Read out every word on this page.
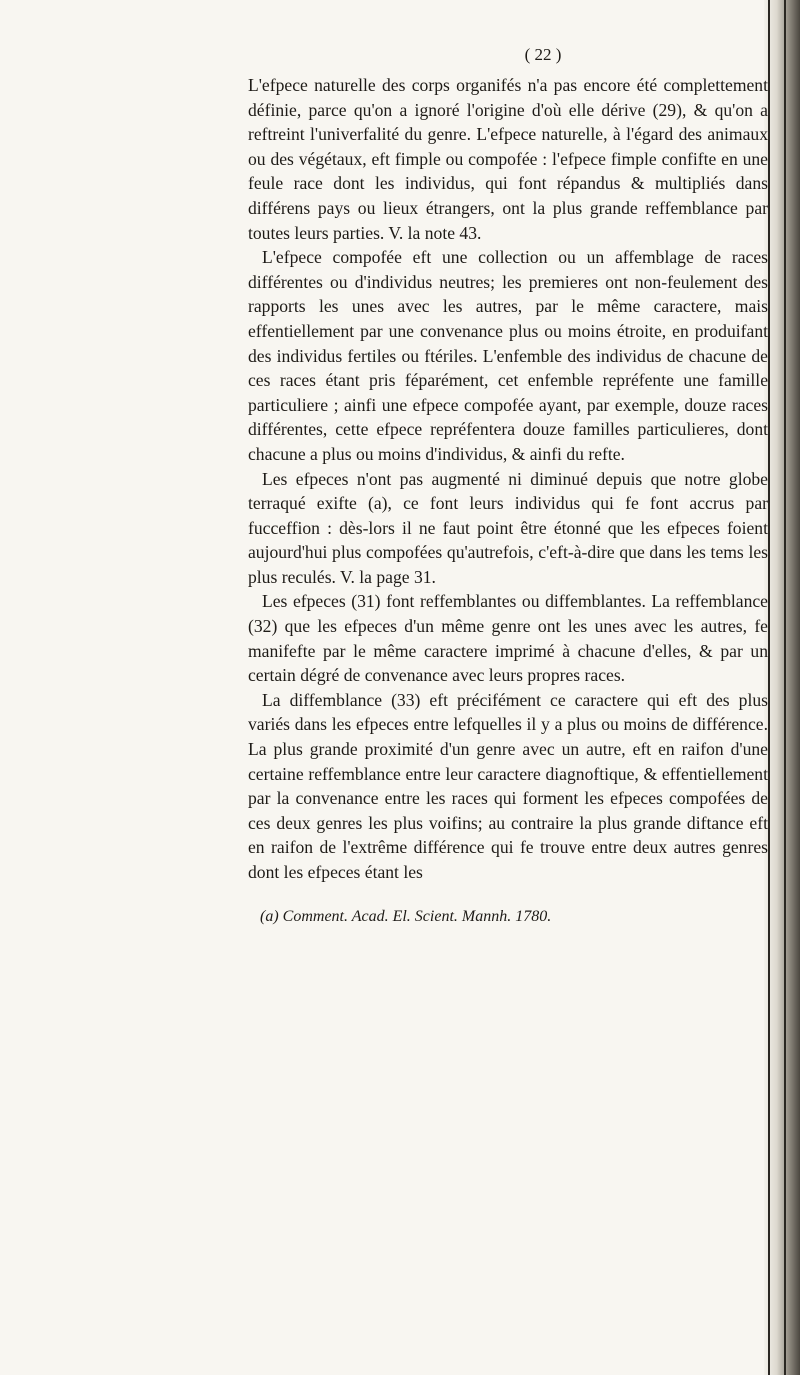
( 22 )

L'efpece naturelle des corps organifés n'a pas encore été complettement définie, parce qu'on a ignoré l'origine d'où elle dérive (29), & qu'on a reftreint l'univerfalité du genre. L'efpece naturelle, à l'égard des animaux ou des végétaux, eft fimple ou compofée : l'efpece fimple confifte en une feule race dont les individus, qui font répandus & multipliés dans différens pays ou lieux étrangers, ont la plus grande reffemblance par toutes leurs parties. V. la note 43.

L'efpece compofée eft une collection ou un affemblage de races différentes ou d'individus neutres; les premieres ont non-feulement des rapports les unes avec les autres, par le même caractere, mais effentiellement par une convenance plus ou moins étroite, en produifant des individus fertiles ou ftériles. L'enfemble des individus de chacune de ces races étant pris féparément, cet enfemble repréfente une famille particuliere ; ainfi une efpece compofée ayant, par exemple, douze races différentes, cette efpece repréfentera douze familles particulieres, dont chacune a plus ou moins d'individus, & ainfi du refte.

Les efpeces n'ont pas augmenté ni diminué depuis que notre globe terraqué exifte (a), ce font leurs individus qui fe font accrus par fucceffion : dès-lors il ne faut point être étonné que les efpeces foient aujourd'hui plus compofées qu'autrefois, c'eft-à-dire que dans les tems les plus reculés. V. la page 31.

Les efpeces (31) font reffemblantes ou diffemblantes. La reffemblance (32) que les efpeces d'un même genre ont les unes avec les autres, fe manifefte par le même caractere imprimé à chacune d'elles, & par un certain dégré de convenance avec leurs propres races.

La diffemblance (33) eft précifément ce caractere qui eft des plus variés dans les efpeces entre lefquelles il y a plus ou moins de différence. La plus grande proximité d'un genre avec un autre, eft en raifon d'une certaine reffemblance entre leur caractere diagnoftique, & effentiellement par la convenance entre les races qui forment les efpeces compofées de ces deux genres les plus voifins; au contraire la plus grande diftance eft en raifon de l'extrême différence qui fe trouve entre deux autres genres dont les efpeces étant les

(a) Comment. Acad. El. Scient. Mannh. 1780.
